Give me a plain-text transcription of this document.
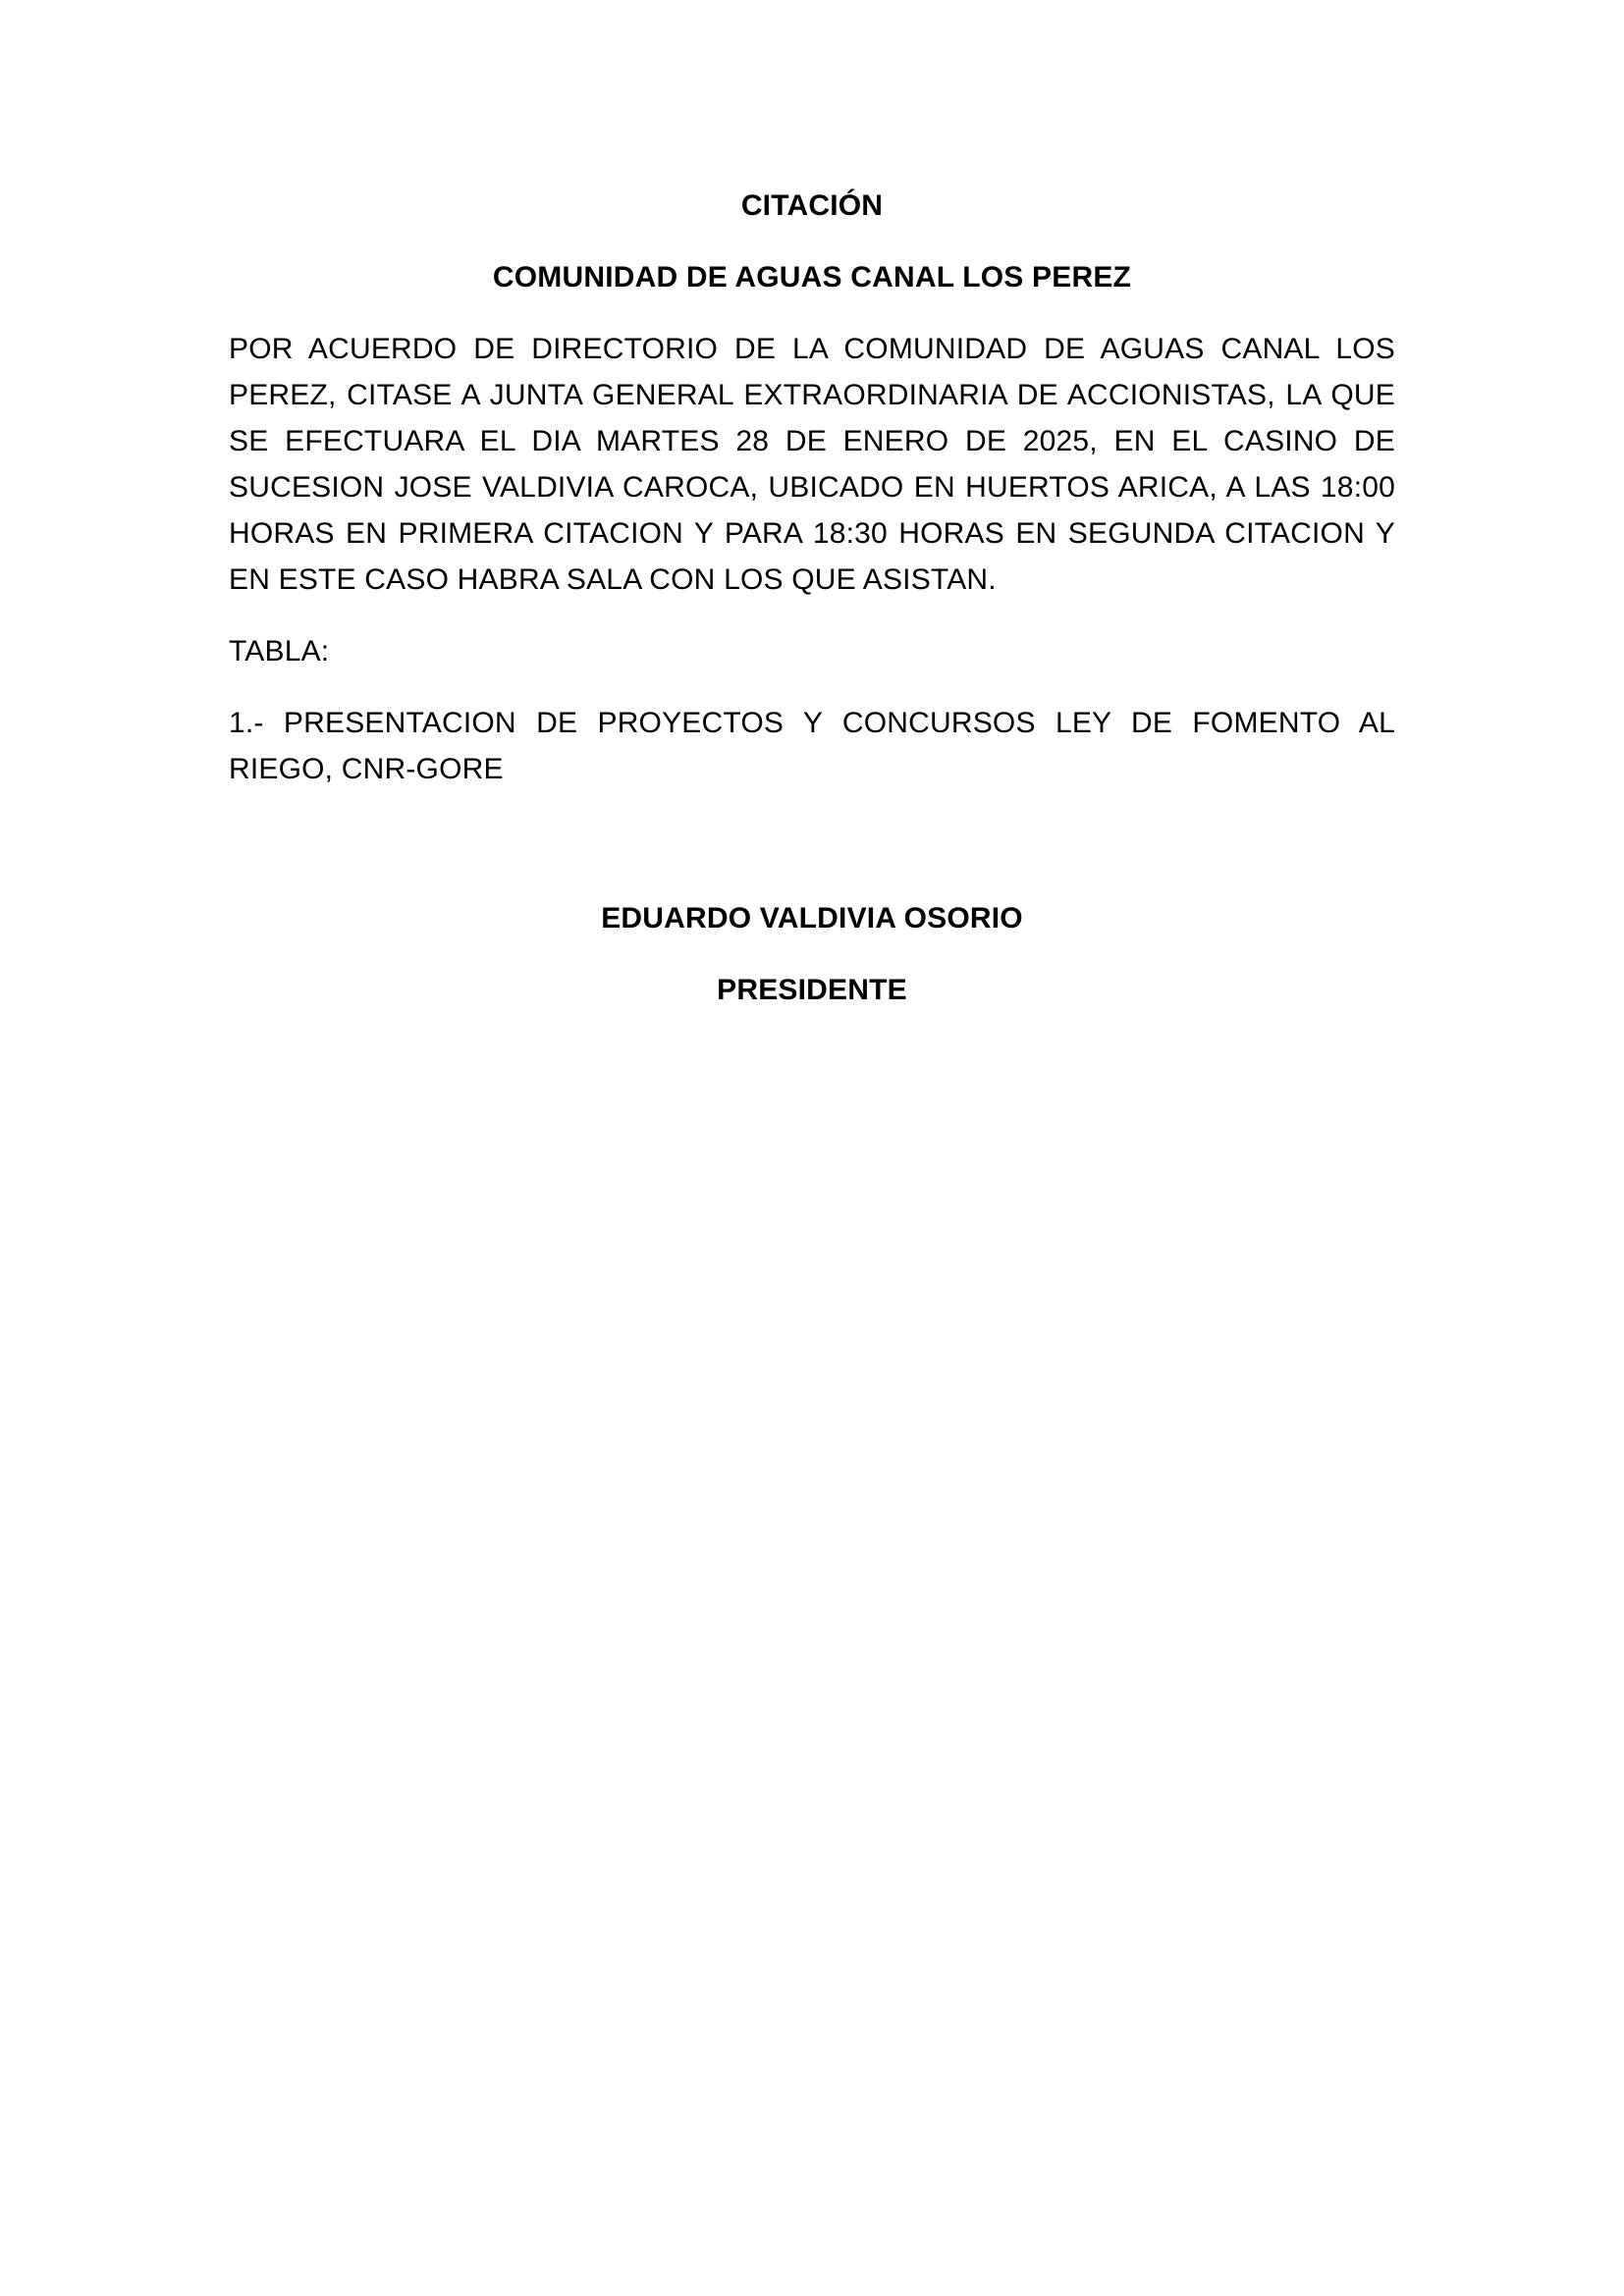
CITACIÓN

COMUNIDAD DE AGUAS CANAL LOS PEREZ

POR ACUERDO DE DIRECTORIO DE LA COMUNIDAD DE AGUAS CANAL LOS PEREZ, CITASE A JUNTA GENERAL EXTRAORDINARIA DE ACCIONISTAS, LA QUE SE EFECTUARA EL DIA MARTES 28 DE ENERO DE 2025, EN EL CASINO DE SUCESION JOSE VALDIVIA CAROCA, UBICADO EN HUERTOS ARICA, A LAS 18:00 HORAS EN PRIMERA CITACION Y PARA 18:30 HORAS EN SEGUNDA CITACION Y EN ESTE CASO HABRA SALA CON LOS QUE ASISTAN.

TABLA:

1.- PRESENTACION DE PROYECTOS Y CONCURSOS LEY DE FOMENTO AL RIEGO, CNR-GORE

EDUARDO VALDIVIA OSORIO

PRESIDENTE
